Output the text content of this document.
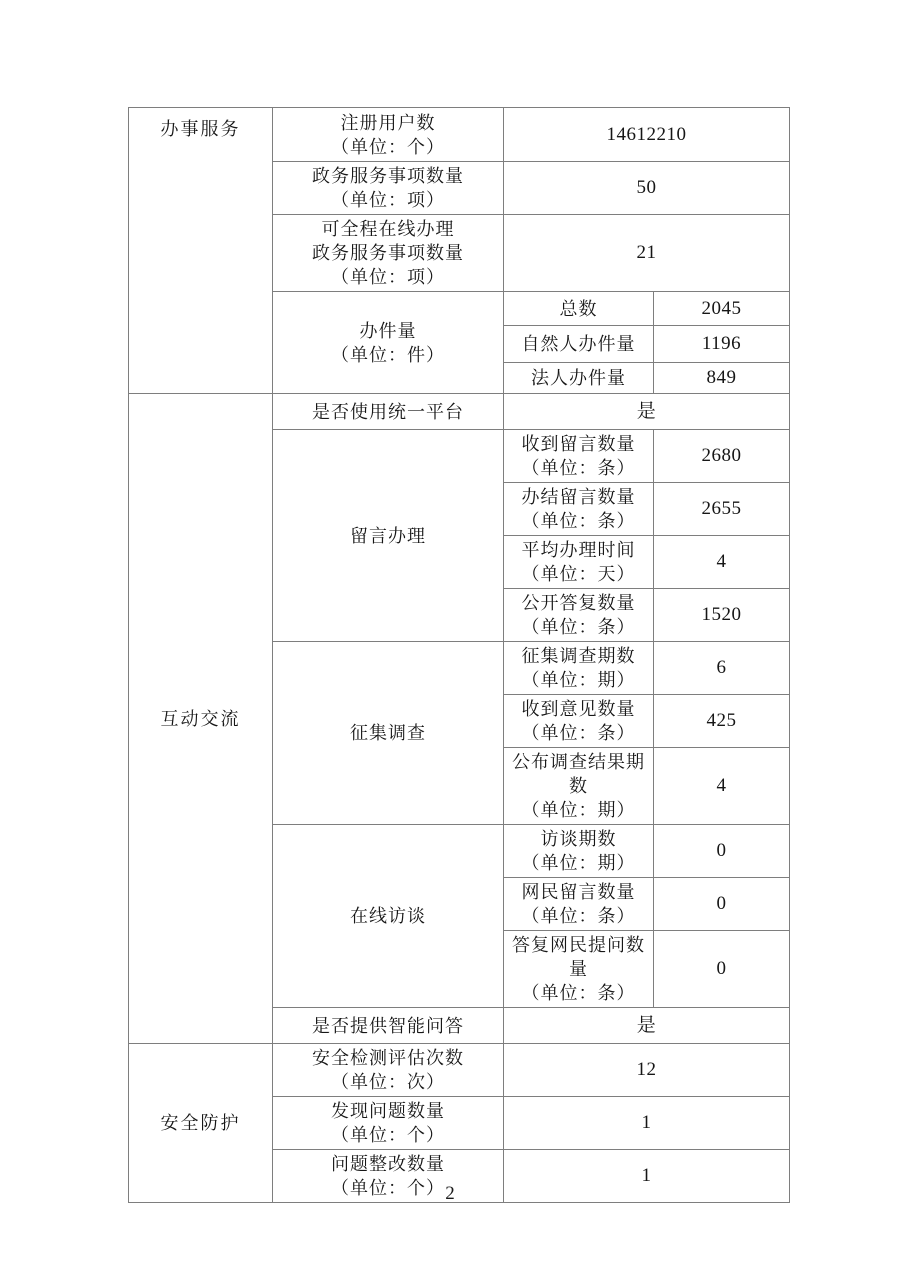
办事服务	注册用户数
（单位：个）	14612210	

	政务服务事项数量
（单位：项）	50	

	可全程在线办理
政务服务事项数量
（单位：项）	21	

	办件量
（单位：件）	总数	2045
		自然人办件量	1196
		法人办件量	849
互动交流	是否使用统一平台	是	
	留言办理	收到留言数量
（单位：条）	2680

		办结留言数量
（单位：条）	2655

		平均办理时间
（单位：天）	4

		公开答复数量
（单位：条）	1520
	征集调查	征集调查期数
（单位：期）	6

		收到意见数量
（单位：条）	425

		公布调查结果期数
（单位：期）	4
	在线访谈	访谈期数
（单位：期）	0

		网民留言数量
（单位：条）	0

		答复网民提问数量
（单位：条）	0
	是否提供智能问答	是	
安全防护	安全检测评估次数
（单位：次）	12	

	发现问题数量
（单位：个）	1	

	问题整改数量
（单位：个）	1	
2
